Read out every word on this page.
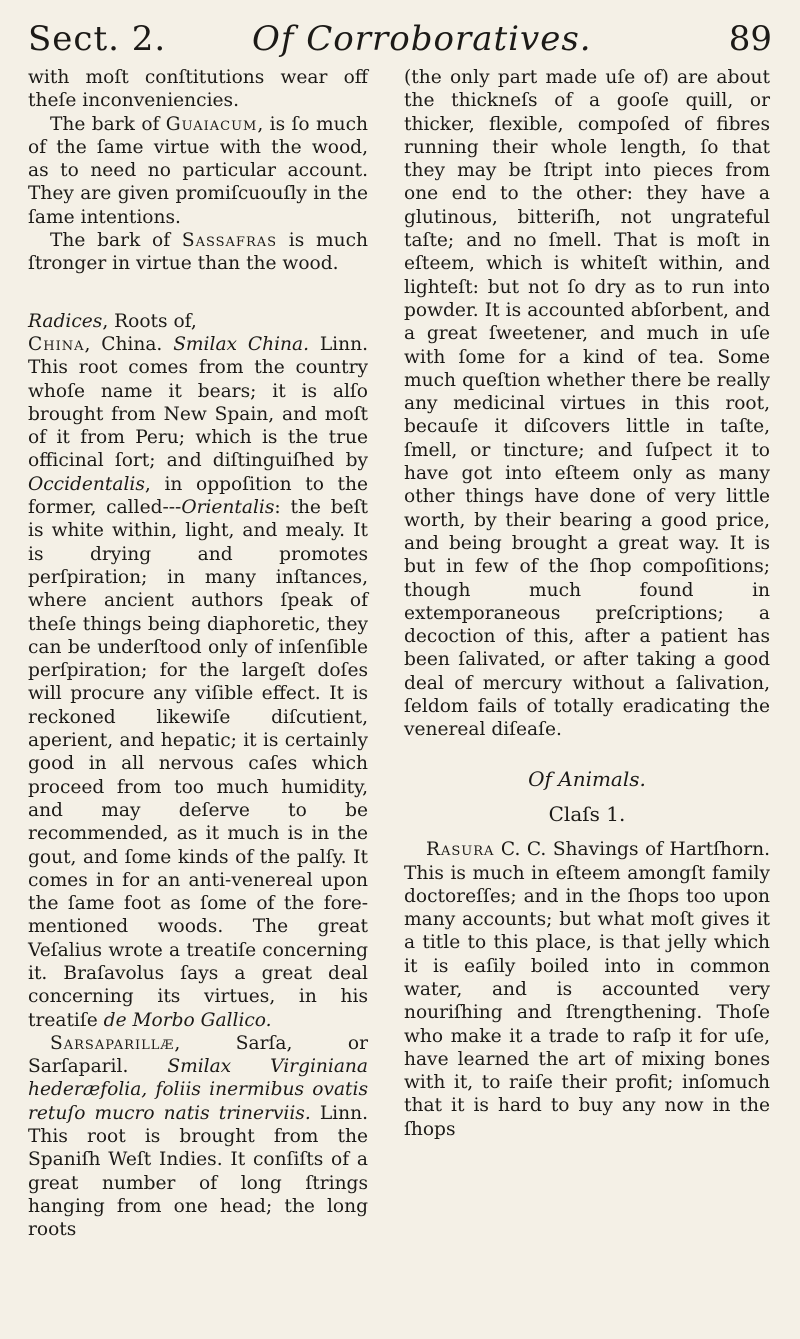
Sect. 2.	Of Corroboratives.	89

with moſt conſtitutions wear off theſe inconveniencies.

The bark of Guaiacum, is ſo much of the ſame virtue with the wood, as to need no particular account. They are given promiſcuouſly in the ſame intentions.

The bark of Sassafras is much ſtronger in virtue than the wood.

Radices, Roots of,
China, China. Smilax China. Linn. This root comes from the country whoſe name it bears; it is alſo brought from New Spain, and moſt of it from Peru; which is the true officinal ſort; and diſtinguiſhed by Occidentalis, in oppoſition to the former, called---Orientalis: the beſt is white within, light, and mealy. It is drying and promotes perſpiration; in many inſtances, where ancient authors ſpeak of theſe things being diaphoretic, they can be underſtood only of inſenſible perſpiration; for the largeſt doſes will procure any viſible effect. It is reckoned likewiſe diſcutient, aperient, and hepatic; it is certainly good in all nervous caſes which proceed from too much humidity, and may deſerve to be recommended, as it much is in the gout, and ſome kinds of the palſy. It comes in for an anti-venereal upon the ſame foot as ſome of the fore-mentioned woods. The great Veſalius wrote a treatiſe concerning it. Braſavolus ſays a great deal concerning its virtues, in his treatiſe de Morbo Gallico.

Sarsaparillæ, Sarſa, or Sarſaparil. Smilax Virginiana hederæfolia, foliis inermibus ovatis retuſo mucro natis trinerviis. Linn. This root is brought from the Spaniſh Weſt Indies. It conſiſts of a great number of long ſtrings hanging from one head; the long roots

(the only part made uſe of) are about the thickneſs of a gooſe quill, or thicker, flexible, compoſed of fibres running their whole length, ſo that they may be ſtript into pieces from one end to the other: they have a glutinous, bitteriſh, not ungrateful taſte; and no ſmell. That is moſt in eſteem, which is whiteſt within, and lighteſt: but not ſo dry as to run into powder. It is accounted abſorbent, and a great ſweetener, and much in uſe with ſome for a kind of tea. Some much queſtion whether there be really any medicinal virtues in this root, becauſe it diſcovers little in taſte, ſmell, or tincture; and ſuſpect it to have got into eſteem only as many other things have done of very little worth, by their bearing a good price, and being brought a great way. It is but in few of the ſhop compoſitions; though much found in extemporaneous preſcriptions; a decoction of this, after a patient has been ſalivated, or after taking a good deal of mercury without a ſalivation, ſeldom fails of totally eradicating the venereal diſeaſe.

Of Animals.

Claſs 1.

Rasura C. C. Shavings of Hartſhorn. This is much in eſteem amongſt family doctoreſſes; and in the ſhops too upon many accounts; but what moſt gives it a title to this place, is that jelly which it is eaſily boiled into in common water, and is accounted very nouriſhing and ſtrengthening. Thoſe who make it a trade to raſp it for uſe, have learned the art of mixing bones with it, to raiſe their profit; inſomuch that it is hard to buy any now in the ſhops
